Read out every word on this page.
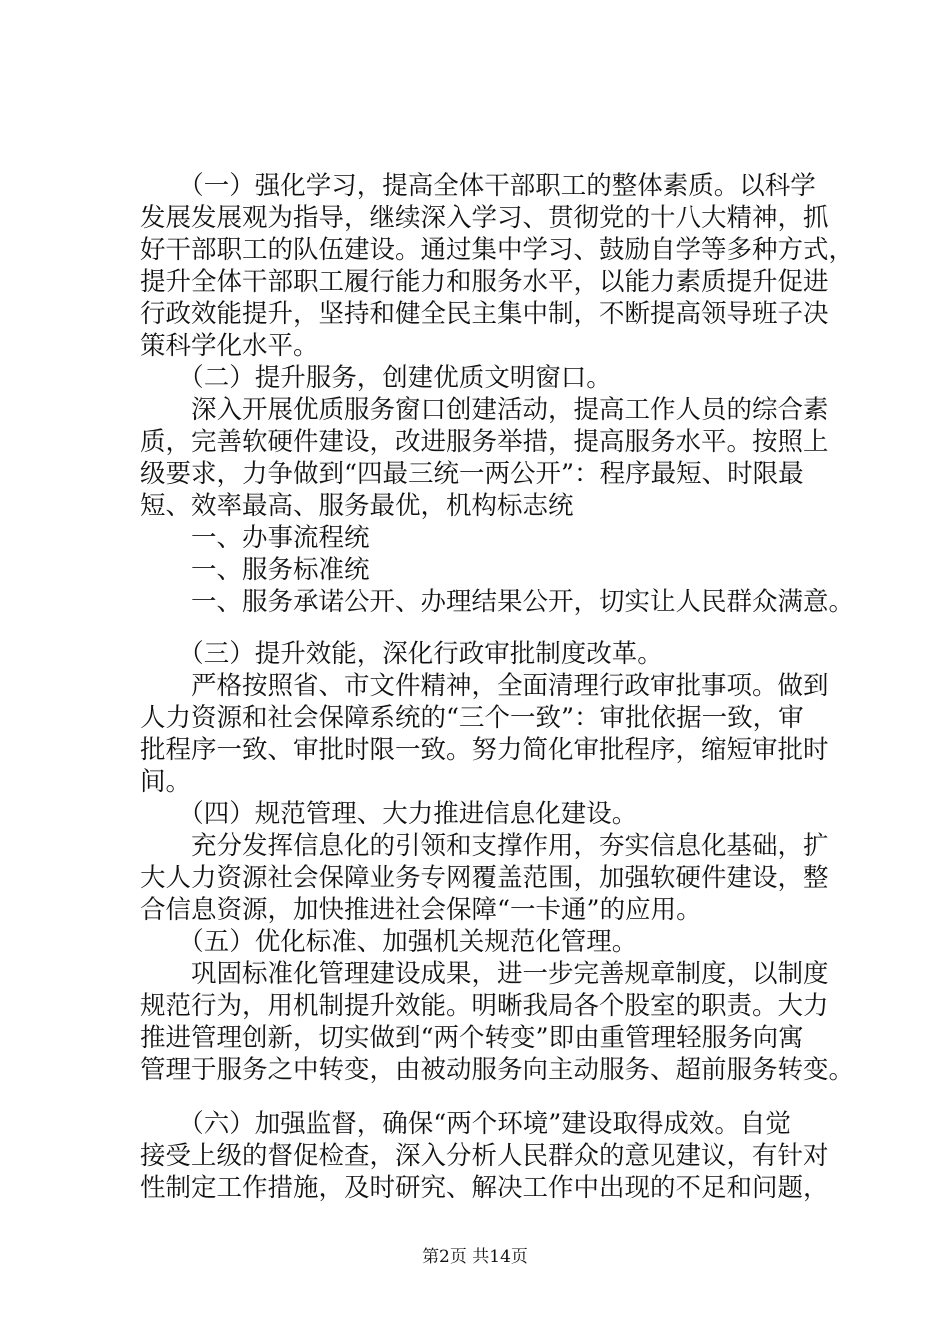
　　（一）强化学习，提高全体干部职工的整体素质。以科学
发展发展观为指导，继续深入学习、贯彻党的十八大精神，抓
好干部职工的队伍建设。通过集中学习、鼓励自学等多种方式，
提升全体干部职工履行能力和服务水平，以能力素质提升促进
行政效能提升，坚持和健全民主集中制，不断提高领导班子决
策科学化水平。
　　（二）提升服务，创建优质文明窗口。
　　深入开展优质服务窗口创建活动，提高工作人员的综合素
质，完善软硬件建设，改进服务举措，提高服务水平。按照上
级要求，力争做到“四最三统一两公开”：程序最短、时限最
短、效率最高、服务最优，机构标志统
　　一、办事流程统
　　一、服务标准统
　　一、服务承诺公开、办理结果公开，切实让人民群众满意。
　　（三）提升效能，深化行政审批制度改革。
　　严格按照省、市文件精神，全面清理行政审批事项。做到
人力资源和社会保障系统的“三个一致”：审批依据一致，审
批程序一致、审批时限一致。努力简化审批程序，缩短审批时
间。
　　（四）规范管理、大力推进信息化建设。
　　充分发挥信息化的引领和支撑作用，夯实信息化基础，扩
大人力资源社会保障业务专网覆盖范围，加强软硬件建设，整
合信息资源，加快推进社会保障“一卡通”的应用。
　　（五）优化标准、加强机关规范化管理。
　　巩固标准化管理建设成果，进一步完善规章制度，以制度
规范行为，用机制提升效能。明晰我局各个股室的职责。大力
推进管理创新，切实做到“两个转变”即由重管理轻服务向寓
管理于服务之中转变，由被动服务向主动服务、超前服务转变。
　　（六）加强监督，确保“两个环境”建设取得成效。自觉
接受上级的督促检查，深入分析人民群众的意见建议，有针对
性制定工作措施，及时研究、解决工作中出现的不足和问题，
第2页 共14页
